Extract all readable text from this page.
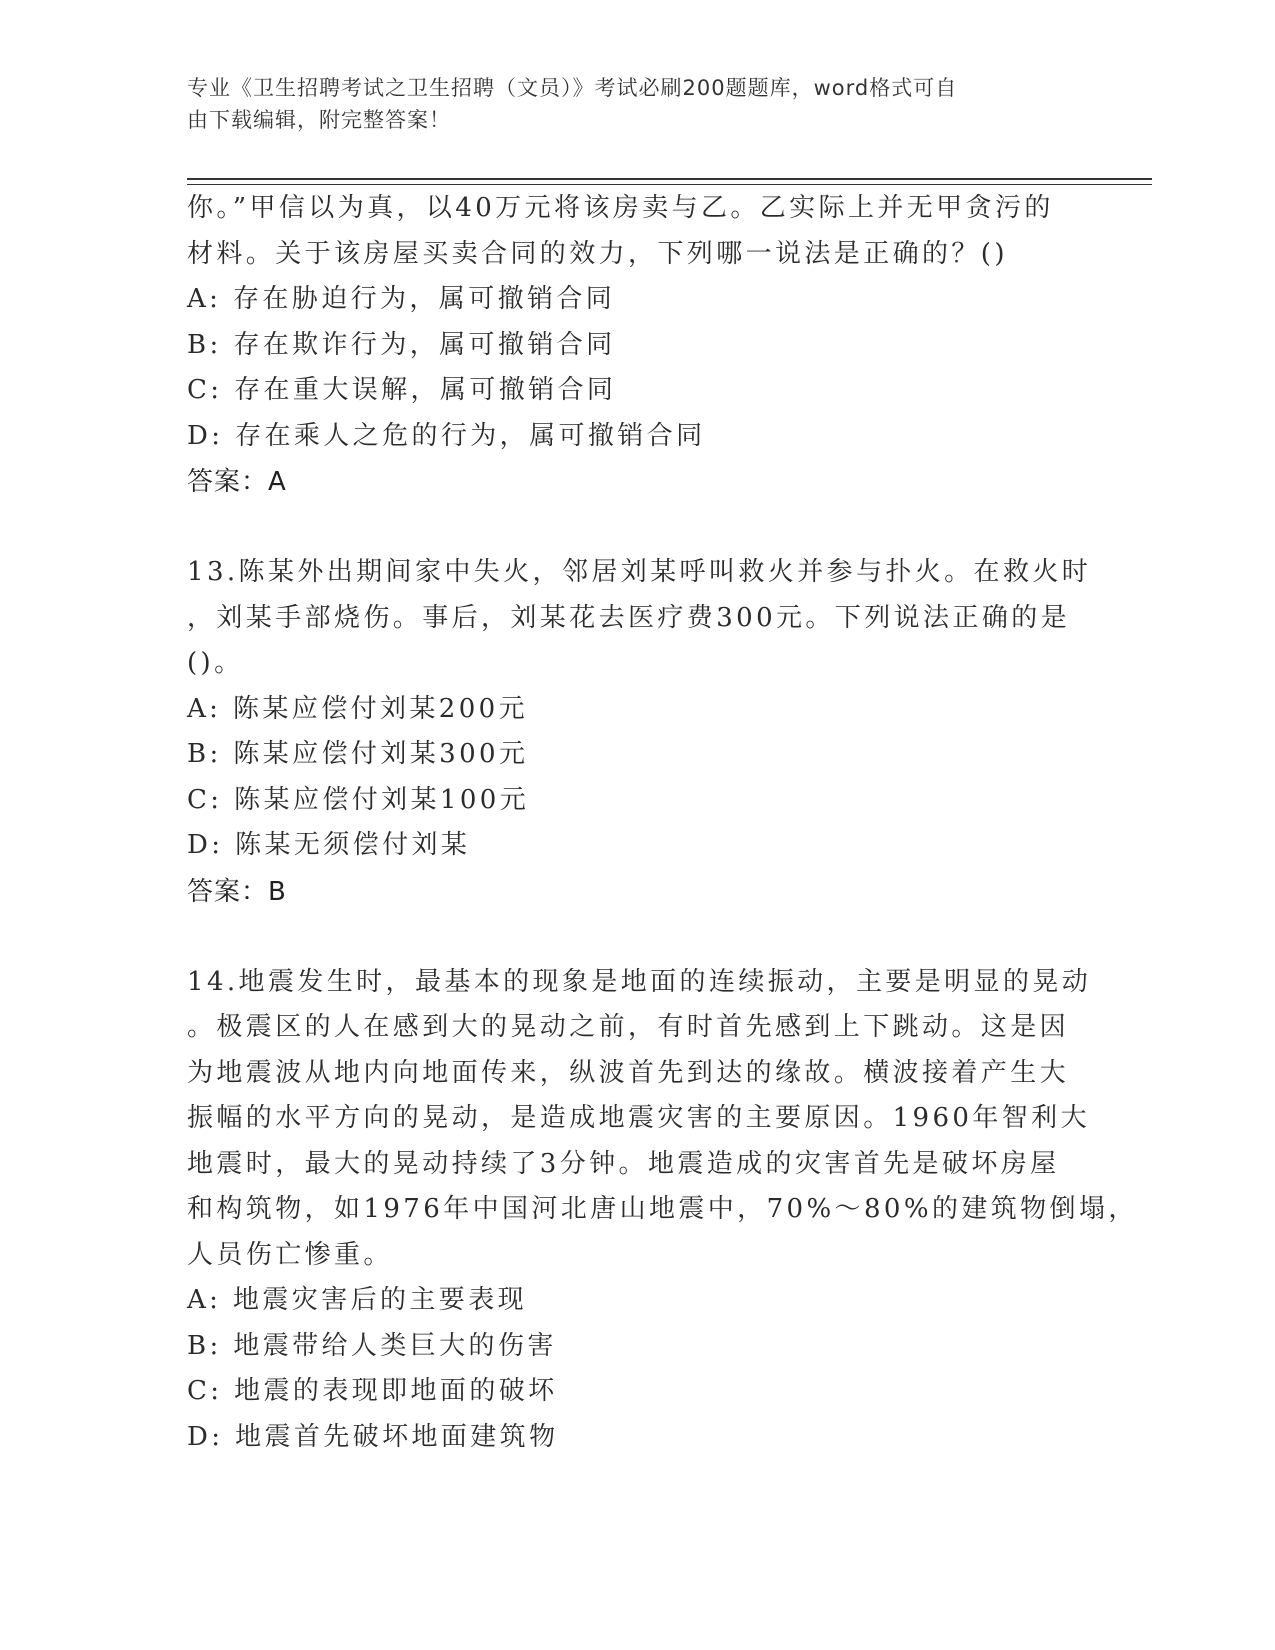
专业《卫生招聘考试之卫生招聘（文员）》考试必刷200题题库，word格式可自
由下载编辑，附完整答案！
你。”甲信以为真，以40万元将该房卖与乙。乙实际上并无甲贪污的
材料。关于该房屋买卖合同的效力，下列哪一说法是正确的？()
A: 存在胁迫行为，属可撤销合同
B: 存在欺诈行为，属可撤销合同
C: 存在重大误解，属可撤销合同
D: 存在乘人之危的行为，属可撤销合同
答案：A
13.陈某外出期间家中失火，邻居刘某呼叫救火并参与扑火。在救火时
，刘某手部烧伤。事后，刘某花去医疗费300元。下列说法正确的是
()。
A: 陈某应偿付刘某200元
B: 陈某应偿付刘某300元
C: 陈某应偿付刘某100元
D: 陈某无须偿付刘某
答案：B
14.地震发生时，最基本的现象是地面的连续振动，主要是明显的晃动
。极震区的人在感到大的晃动之前，有时首先感到上下跳动。这是因
为地震波从地内向地面传来，纵波首先到达的缘故。横波接着产生大
振幅的水平方向的晃动，是造成地震灾害的主要原因。1960年智利大
地震时，最大的晃动持续了3分钟。地震造成的灾害首先是破坏房屋
和构筑物，如1976年中国河北唐山地震中，70%～80%的建筑物倒塌，
人员伤亡惨重。
A: 地震灾害后的主要表现
B: 地震带给人类巨大的伤害
C: 地震的表现即地面的破坏
D: 地震首先破坏地面建筑物
